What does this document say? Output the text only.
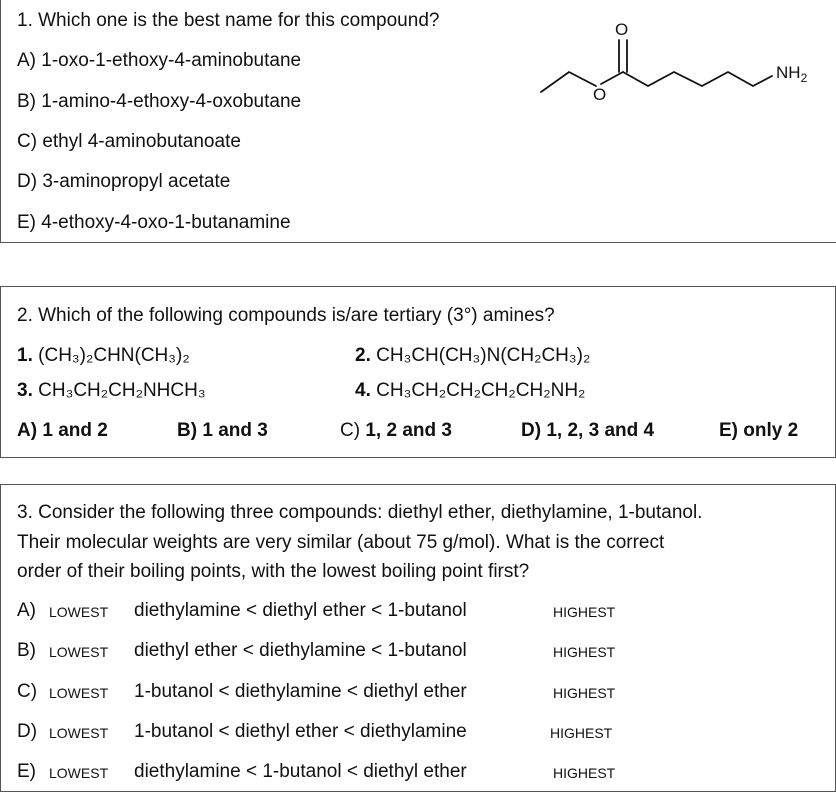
1. Which one is the best name for this compound?
A) 1-oxo-1-ethoxy-4-aminobutane
B) 1-amino-4-ethoxy-4-oxobutane
C) ethyl 4-aminobutanoate
D) 3-aminopropyl acetate
E) 4-ethoxy-4-oxo-1-butanamine
O
O
$NH_2$
2. Which of the following compounds is/are tertiary (3°) amines?
1. (CH₃)₂CHN(CH₃)₂	2. CH₃CH(CH₃)N(CH₂CH₃)₂
3. CH₃CH₂CH₂NHCH₃	4. CH₃CH₂CH₂CH₂CH₂NH₂
A) 1 and 2	B) 1 and 3	C) 1, 2 and 3	D) 1, 2, 3 and 4	E) only 2
3. Consider the following three compounds: diethyl ether, diethylamine, 1-butanol.
Their molecular weights are very similar (about 75 g/mol). What is the correct
order of their boiling points, with the lowest boiling point first?
A) LOWEST diethylamine < diethyl ether < 1-butanol	HIGHEST
B) LOWEST diethyl ether < diethylamine < 1-butanol	HIGHEST
C) LOWEST 1-butanol < diethylamine < diethyl ether	HIGHEST
D) LOWEST 1-butanol < diethyl ether < diethylamine	HIGHEST
E) LOWEST diethylamine < 1-butanol < diethyl ether	HIGHEST
